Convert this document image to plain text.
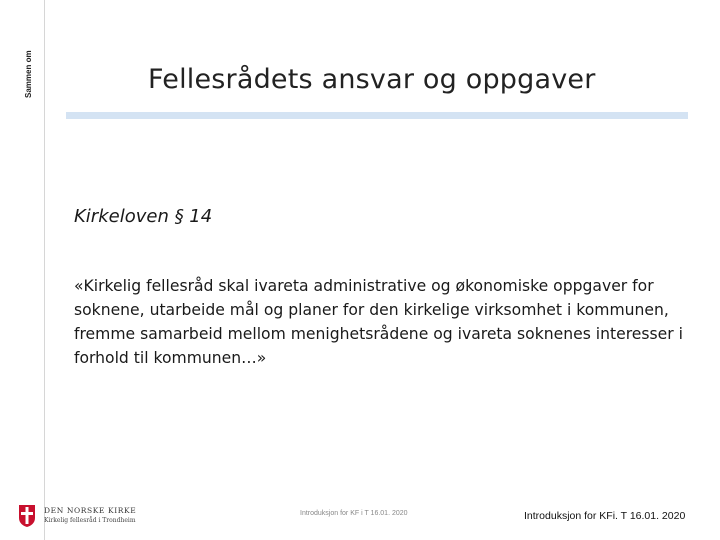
Sammen om	Fellesrådets ansvar og oppgaver
Kirkeloven § 14

«Kirkelig fellesråd skal ivareta administrative og økonomiske oppgaver for soknene, utarbeide mål og planer for den kirkelige virksomhet i kommunen, fremme samarbeid mellom menighetsrådene og ivareta soknenes interesser i forhold til kommunen…»

DEN NORSKE KIRKE
Kirkelig fellesråd i Trondheim
Introduksjon for KF i T 16.01. 2020	Introduksjon for KFi. T 16.01. 2020
